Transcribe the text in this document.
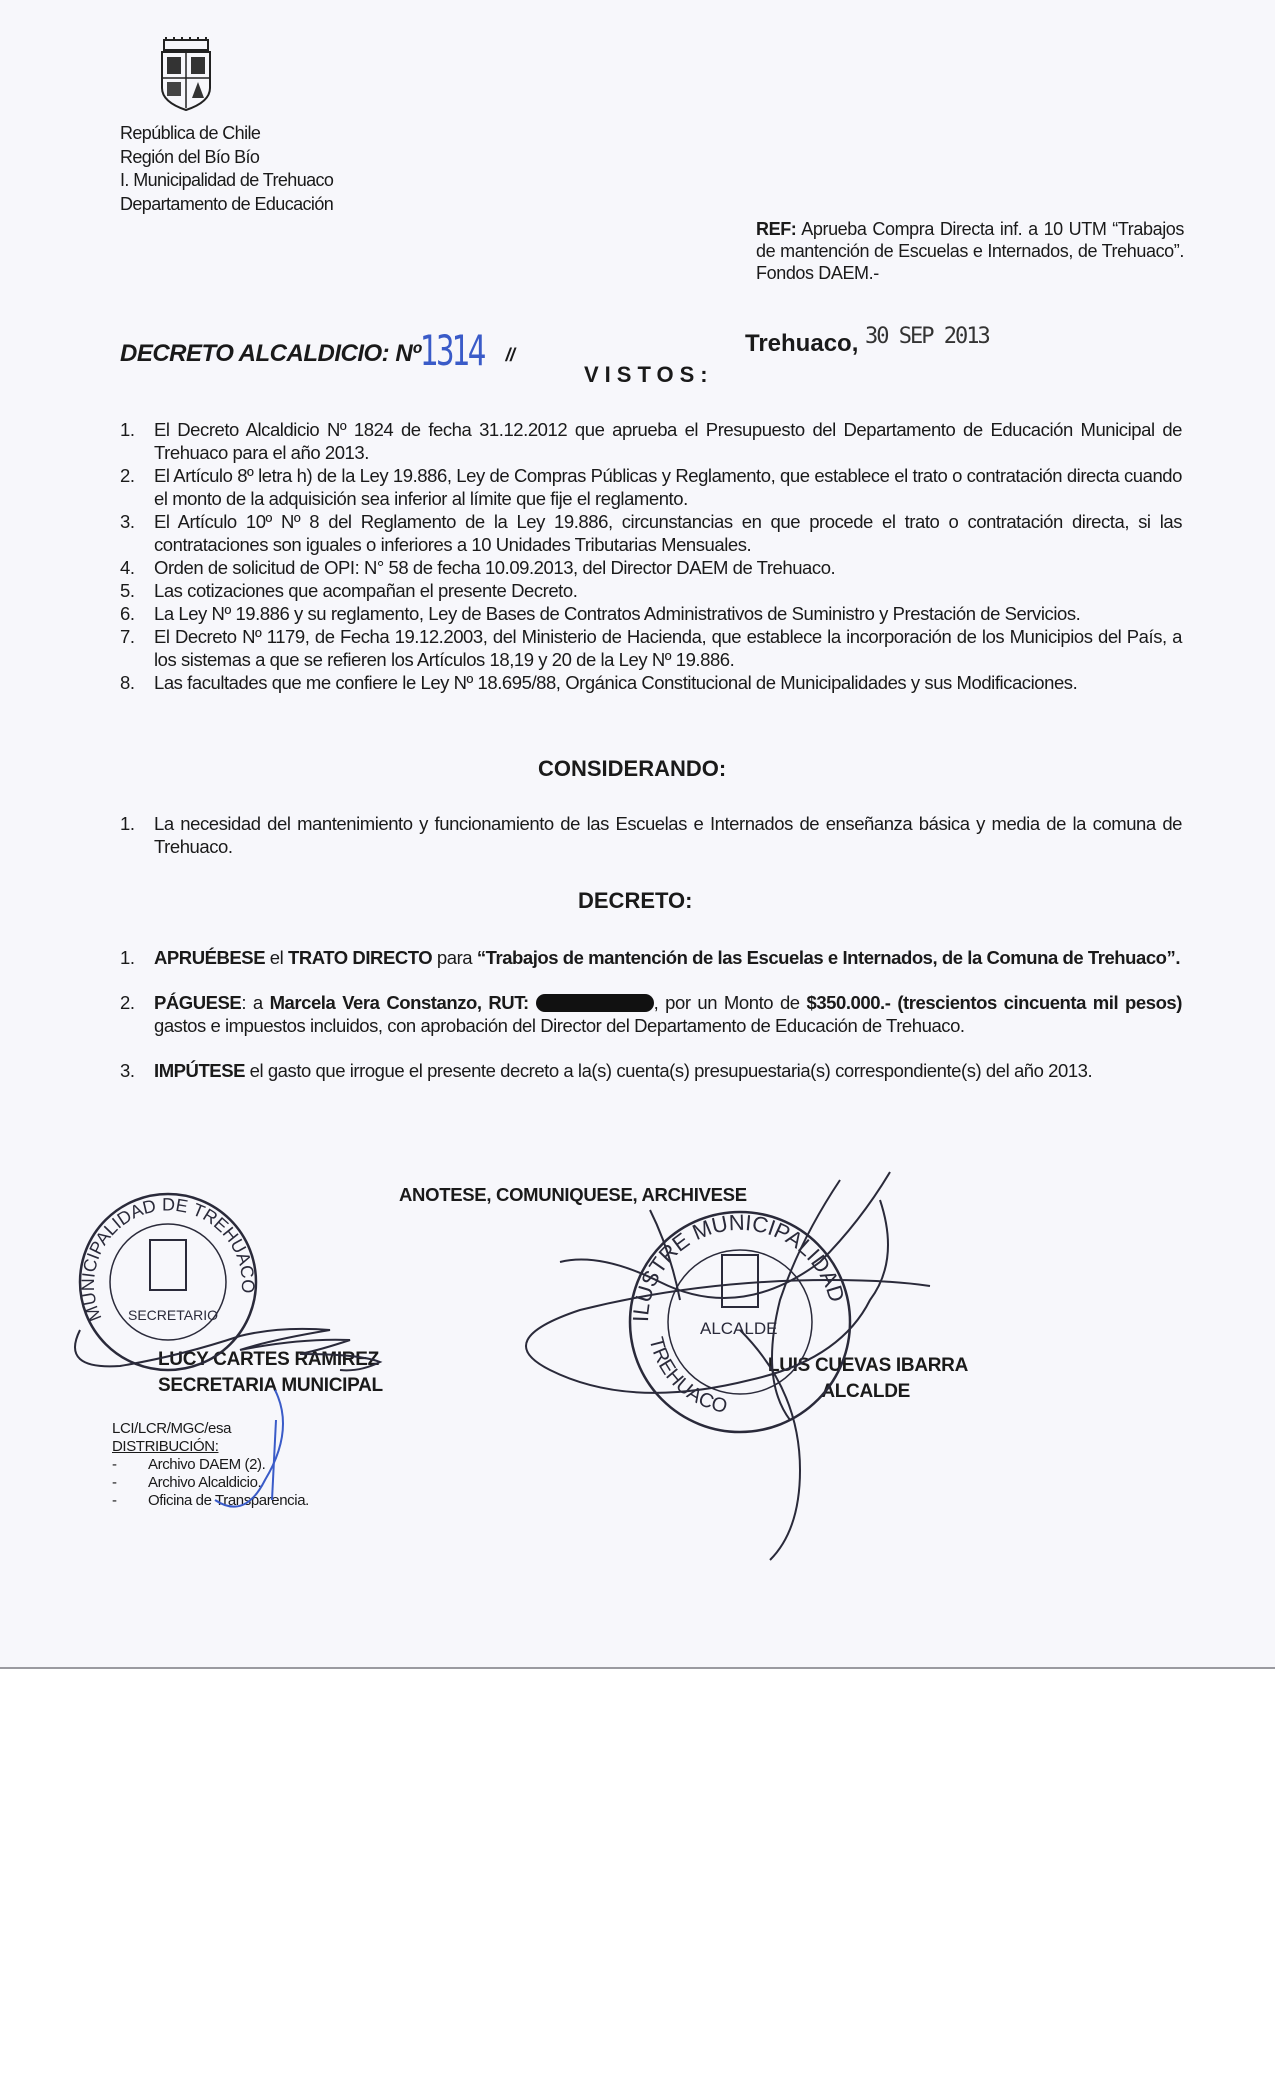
República de Chile
Región del Bío Bío
I. Municipalidad de Trehuaco
Departamento de Educación
REF: Aprueba Compra Directa inf. a 10 UTM “Trabajos de mantención de Escuelas e Internados, de Trehuaco”. Fondos DAEM.-
DECRETO ALCALDICIO: Nº1314 //	Trehuaco, 30 SEP 2013
VISTOS:
1. El Decreto Alcaldicio Nº 1824 de fecha 31.12.2012 que aprueba el Presupuesto del Departamento de Educación Municipal de Trehuaco para el año 2013.
2. El Artículo 8º letra h) de la Ley 19.886, Ley de Compras Públicas y Reglamento, que establece el trato o contratación directa cuando el monto de la adquisición sea inferior al límite que fije el reglamento.
3. El Artículo 10º Nº 8 del Reglamento de la Ley 19.886, circunstancias en que procede el trato o contratación directa, si las contrataciones son iguales o inferiores a 10 Unidades Tributarias Mensuales.
4. Orden de solicitud de OPI: N° 58 de fecha 10.09.2013, del Director DAEM de Trehuaco.
5. Las cotizaciones que acompañan el presente Decreto.
6. La Ley Nº 19.886 y su reglamento, Ley de Bases de Contratos Administrativos de Suministro y Prestación de Servicios.
7. El Decreto Nº 1179, de Fecha 19.12.2003, del Ministerio de Hacienda, que establece la incorporación de los Municipios del País, a los sistemas a que se refieren los Artículos 18,19 y 20 de la Ley Nº 19.886.
8. Las facultades que me confiere le Ley Nº 18.695/88, Orgánica Constitucional de Municipalidades y sus Modificaciones.
CONSIDERANDO:
1. La necesidad del mantenimiento y funcionamiento de las Escuelas e Internados de enseñanza básica y media de la comuna de Trehuaco.
DECRETO:
1. APRUÉBESE el TRATO DIRECTO para “Trabajos de mantención de las Escuelas e Internados, de la Comuna de Trehuaco”.
2. PÁGUESE: a Marcela Vera Constanzo, RUT:	, por un Monto de $350.000.- (trescientos cincuenta mil pesos) gastos e impuestos incluidos, con aprobación del Director del Departamento de Educación de Trehuaco.
3. IMPÚTESE el gasto que irrogue el presente decreto a la(s) cuenta(s) presupuestaria(s) correspondiente(s) del año 2013.
ANOTESE, COMUNIQUESE, ARCHIVESE
LUCY CARTES RAMIREZ
SECRETARIA MUNICIPAL
LUIS CUEVAS IBARRA
ALCALDE
LCI/LCR/MGC/esa
DISTRIBUCIÓN:
- Archivo DAEM (2).
- Archivo Alcaldicio.
- Oficina de Transparencia.
MUNICIPALIDAD DE TREHUACO
SECRETARIO	ILUSTRE MUNICIPALIDAD
ALCALDE
TREHUACO
